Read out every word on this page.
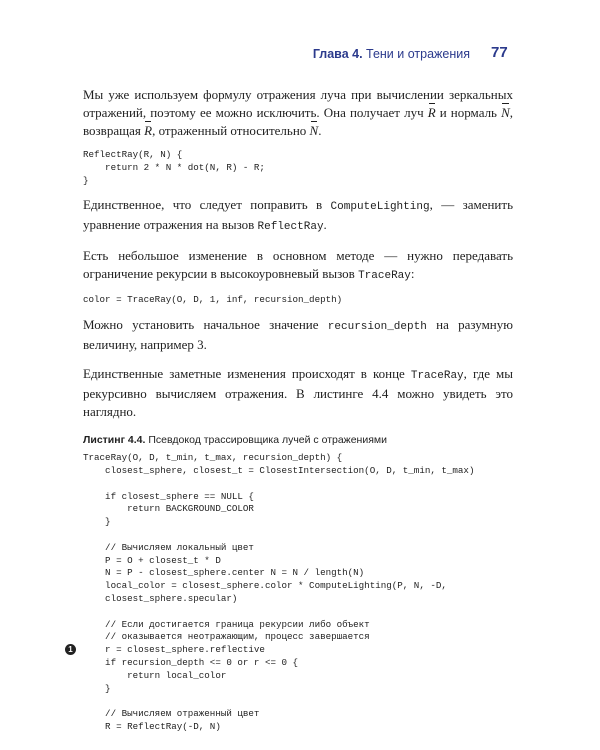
Глава 4. Тени и отражения 77

Мы уже используем формулу отражения луча при вычислении зеркальных отражений, поэтому ее можно исключить. Она получает луч R и нормаль N, возвращая R, отраженный относительно N.

ReflectRay(R, N) {
return 2 * N * dot(N, R) - R;
}

Единственное, что следует поправить в ComputeLighting, — заменить уравнение отражения на вызов ReflectRay.

Есть небольшое изменение в основном методе — нужно передавать ограничение рекурсии в высокоуровневый вызов TraceRay:

color = TraceRay(O, D, 1, inf, recursion_depth)

Можно установить начальное значение recursion_depth на разумную величину, например 3.

Единственные заметные изменения происходят в конце TraceRay, где мы рекурсивно вычисляем отражения. В листинге 4.4 можно увидеть это наглядно.

Листинг 4.4. Псевдокод трассировщика лучей с отражениями
1
TraceRay(O, D, t_min, t_max, recursion_depth) {
closest_sphere, closest_t = ClosestIntersection(O, D, t_min, t_max)
if closest_sphere == NULL {
return BACKGROUND_COLOR
}
// Вычисляем локальный цвет
P = O + closest_t * D
N = P - closest_sphere.center N = N / length(N)
local_color = closest_sphere.color * ComputeLighting(P, N, -D,
closest_sphere.specular)
// Если достигается граница рекурсии либо объект
// оказывается неотражающим, процесс завершается
r = closest_sphere.reflective
if recursion_depth <= 0 or r <= 0 {
return local_color
}
// Вычисляем отраженный цвет
R = ReflectRay(-D, N)
